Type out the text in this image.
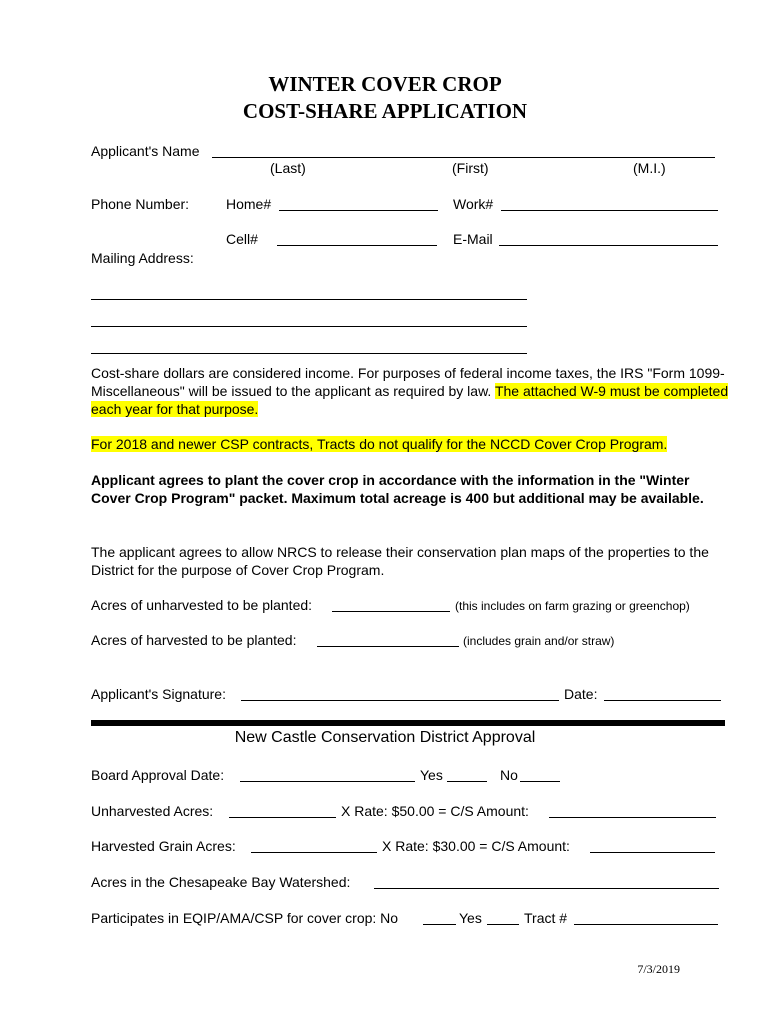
WINTER COVER CROP
COST-SHARE APPLICATION
Applicant's Name
(Last)	(First)	(M.I.)
Phone Number:	Home#	Work#
Cell#	E-Mail
Mailing Address:
Cost-share dollars are considered income. For purposes of federal income taxes, the IRS "Form 1099-Miscellaneous" will be issued to the applicant as required by law. The attached W-9 must be completed each year for that purpose.
For 2018 and newer CSP contracts, Tracts do not qualify for the NCCD Cover Crop Program.
Applicant agrees to plant the cover crop in accordance with the information in the "Winter Cover Crop Program" packet. Maximum total acreage is 400 but additional may be available.
The applicant agrees to allow NRCS to release their conservation plan maps of the properties to the District for the purpose of Cover Crop Program.
Acres of unharvested to be planted:	(this includes on farm grazing or greenchop)
Acres of harvested to be planted:	(includes grain and/or straw)
Applicant's Signature:	Date:
New Castle Conservation District Approval
Board Approval Date:	Yes	No
Unharvested Acres:	X Rate: $50.00 = C/S Amount:
Harvested Grain Acres:	X Rate: $30.00 = C/S Amount:
Acres in the Chesapeake Bay Watershed:
Participates in EQIP/AMA/CSP for cover crop: No	Yes	Tract #
7/3/2019
